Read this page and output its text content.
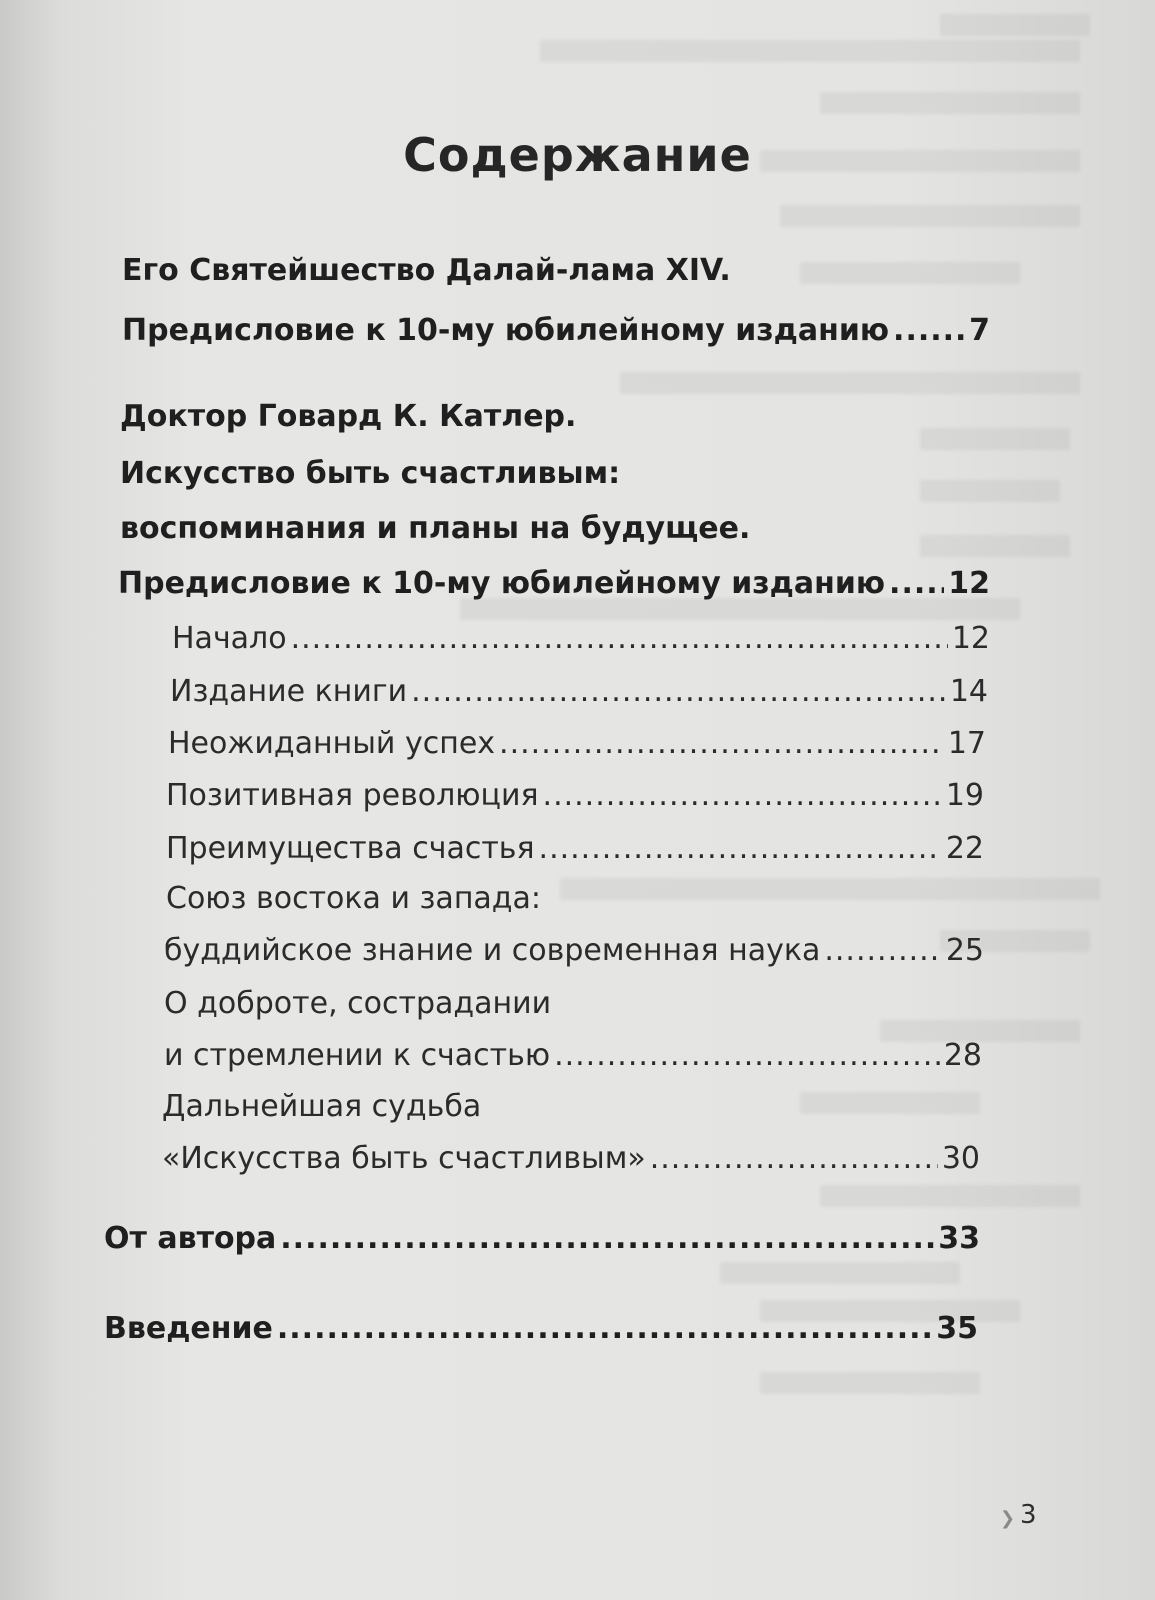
Содержание
Его Святейшество Далай-лама XIV.
Предисловие к 10-му юбилейному изданию .....	7
Доктор Говард К. Катлер.
Искусство быть счастливым:
воспоминания и планы на будущее.
Предисловие к 10-му юбилейному изданию ..... 12
Начало .....	12
Издание книги .....	14
Неожиданный успех .....	17
Позитивная революция .....	19
Преимущества счастья .....	22
Союз востока и запада:
буддийское знание и современная наука .....	25
О доброте, сострадании
и стремлении к счастью .....	28
Дальнейшая судьба
«Искусства быть счастливым» .....	30
От автора .....	33
Введение .....	35
❯ 3
